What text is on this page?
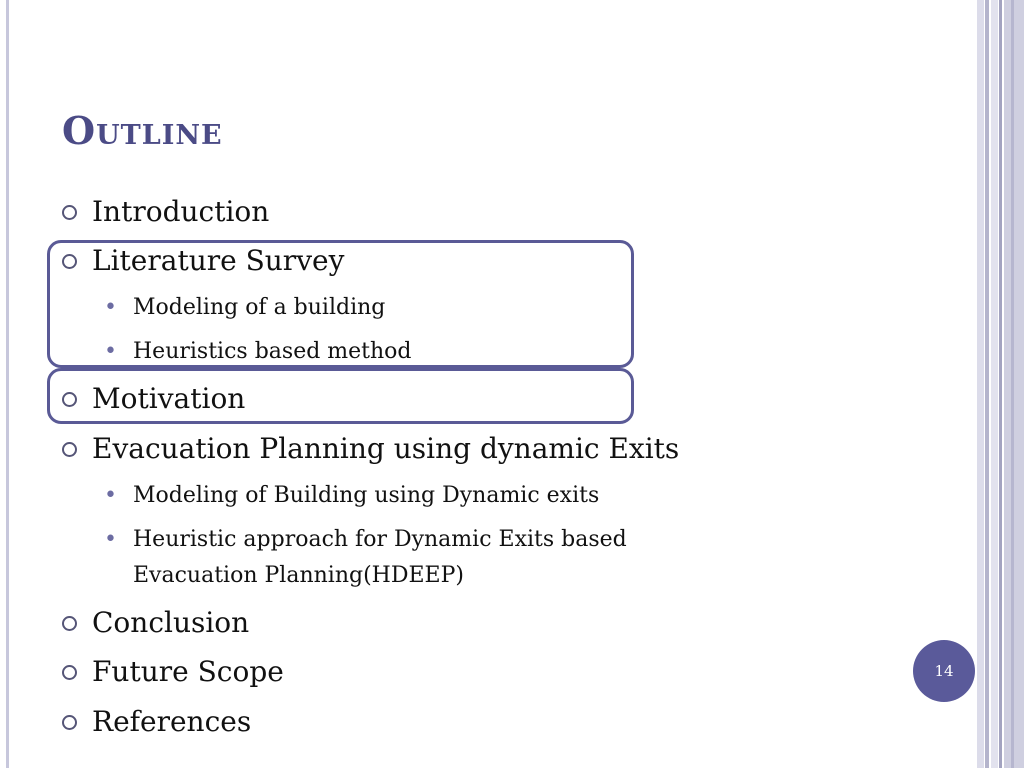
Outline
Introduction
Literature Survey
• Modeling of a building
• Heuristics based method
Motivation
Evacuation Planning using dynamic Exits
• Modeling of Building using Dynamic exits
• Heuristic approach for Dynamic Exits based
Evacuation Planning(HDEEP)
Conclusion
Future Scope
References
14
